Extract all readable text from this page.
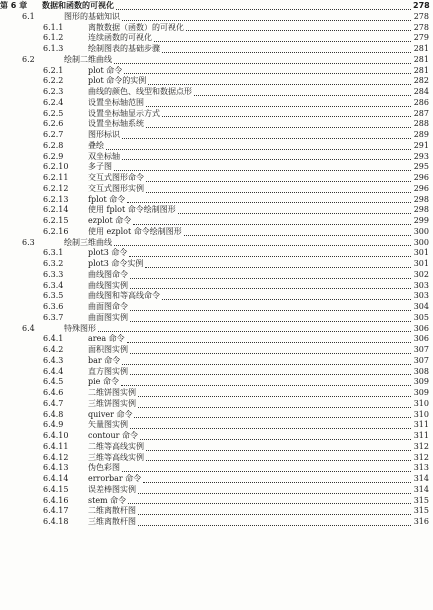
第 6 章	数据和函数的可视化	278
6.1	图形的基础知识	278
6.1.1	离散数据（函数）的可视化	278
6.1.2	连续函数的可视化	279
6.1.3	绘制图表的基础步骤	281
6.2	绘制二维曲线	281
6.2.1	plot 命令	281
6.2.2	plot 命令的实例	282
6.2.3	曲线的颜色、线型和数据点形	284
6.2.4	设置坐标轴范围	286
6.2.5	设置坐标轴显示方式	287
6.2.6	设置坐标轴系统	288
6.2.7	图形标识	289
6.2.8	叠绘	291
6.2.9	双坐标轴	293
6.2.10	多子图	295
6.2.11	交互式图形命令	296
6.2.12	交互式图形实例	296
6.2.13	fplot 命令	298
6.2.14	使用 fplot 命令绘制图形	298
6.2.15	ezplot 命令	299
6.2.16	使用 ezplot 命令绘制图形	300
6.3	绘制三维曲线	300
6.3.1	plot3 命令	301
6.3.2	plot3 命令实例	301
6.3.3	曲线图命令	302
6.3.4	曲线图实例	303
6.3.5	曲线图和等高线命令	303
6.3.6	曲面图命令	304
6.3.7	曲面图实例	305
6.4	特殊图形	306
6.4.1	area 命令	306
6.4.2	面积图实例	307
6.4.3	bar 命令	307
6.4.4	直方图实例	308
6.4.5	pie 命令	309
6.4.6	二维饼图实例	309
6.4.7	三维饼图实例	310
6.4.8	quiver 命令	310
6.4.9	矢量图实例	311
6.4.10	contour 命令	311
6.4.11	二维等高线实例	312
6.4.12	三维等高线实例	312
6.4.13	伪色彩图	313
6.4.14	errorbar 命令	314
6.4.15	误差棒图实例	314
6.4.16	stem 命令	315
6.4.17	二维离散杆图	315
6.4.18	三维离散杆图	316
